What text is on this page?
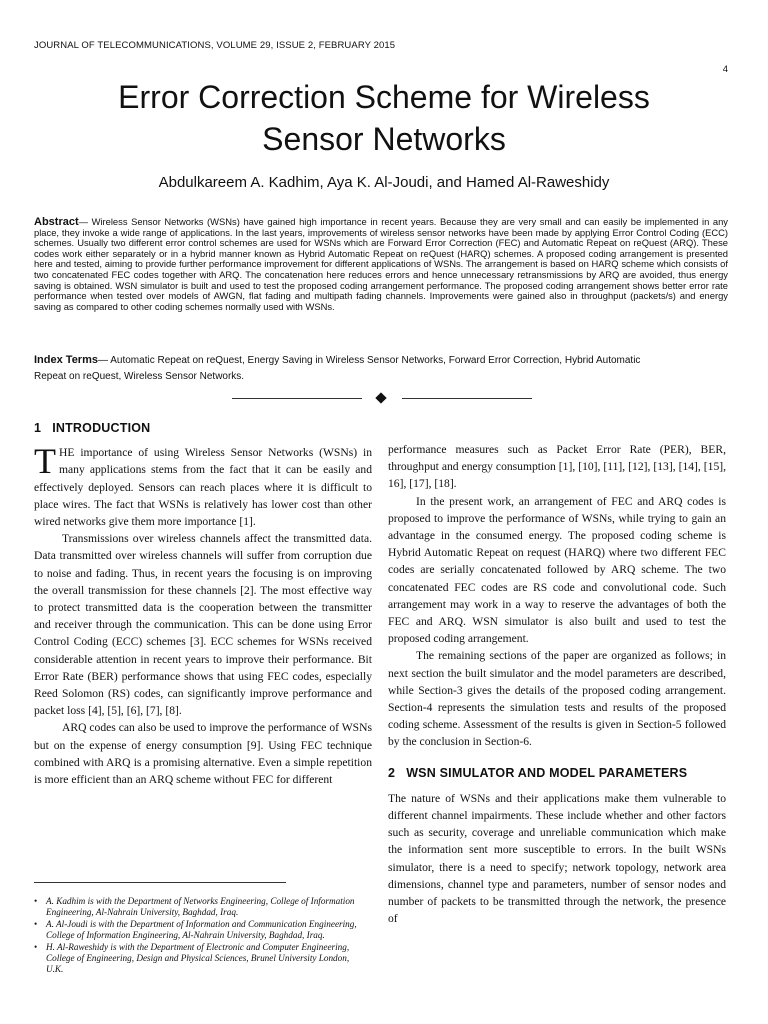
JOURNAL OF TELECOMMUNICATIONS, VOLUME 29, ISSUE 2, FEBRUARY 2015
4
Error Correction Scheme for Wireless
Sensor Networks
Abdulkareem A. Kadhim, Aya K. Al-Joudi, and Hamed Al-Raweshidy
Abstract— Wireless Sensor Networks (WSNs) have gained high importance in recent years. Because they are very small and can easily be implemented in any place, they invoke a wide range of applications. In the last years, improvements of wireless sensor networks have been made by applying Error Control Coding (ECC) schemes. Usually two different error control schemes are used for WSNs which are Forward Error Correction (FEC) and Automatic Repeat on reQuest (ARQ). These codes work either separately or in a hybrid manner known as Hybrid Automatic Repeat on reQuest (HARQ) schemes. A proposed coding arrangement is presented here and tested, aiming to provide further performance improvement for different applications of WSNs. The arrangement is based on HARQ scheme which consists of two concatenated FEC codes together with ARQ. The concatenation here reduces errors and hence unnecessary retransmissions by ARQ are avoided, thus energy saving is obtained. WSN simulator is built and used to test the proposed coding arrangement performance. The proposed coding arrangement shows better error rate performance when tested over models of AWGN, flat fading and multipath fading channels. Improvements were gained also in throughput (packets/s) and energy saving as compared to other coding schemes normally used with WSNs.
Index Terms— Automatic Repeat on reQuest, Energy Saving in Wireless Sensor Networks, Forward Error Correction, Hybrid Automatic Repeat on reQuest, Wireless Sensor Networks.
1 INTRODUCTION

THE importance of using Wireless Sensor Networks (WSNs) in many applications stems from the fact that it can be easily and effectively deployed. Sensors can reach places where it is difficult to place wires. The fact that WSNs is relatively has lower cost than other wired networks give them more importance [1].

Transmissions over wireless channels affect the transmitted data. Data transmitted over wireless channels will suffer from corruption due to noise and fading. Thus, in recent years the focusing is on improving the overall transmission for these channels [2]. The most effective way to protect transmitted data is the cooperation between the transmitter and receiver through the communication. This can be done using Error Control Coding (ECC) schemes [3]. ECC schemes for WSNs received considerable attention in recent years to improve their performance. Bit Error Rate (BER) performance shows that using FEC codes, especially Reed Solomon (RS) codes, can significantly improve performance and packet loss [4], [5], [6], [7], [8].

ARQ codes can also be used to improve the performance of WSNs but on the expense of energy consumption [9]. Using FEC technique combined with ARQ is a promising alternative. Even a simple repetition is more efficient than an ARQ scheme without FEC for different

• A. Kadhim is with the Department of Networks Engineering, College of Information Engineering, Al-Nahrain University, Baghdad, Iraq.
• A. Al-Joudi is with the Department of Information and Communication Engineering, College of Information Engineering, Al-Nahrain University, Baghdad, Iraq.
• H. Al-Raweshidy is with the Department of Electronic and Computer Engineering, College of Engineering, Design and Physical Sciences, Brunel University London, U.K.

performance measures such as Packet Error Rate (PER), BER, throughput and energy consumption [1], [10], [11], [12], [13], [14], [15], 16], [17], [18].

In the present work, an arrangement of FEC and ARQ codes is proposed to improve the performance of WSNs, while trying to gain an advantage in the consumed energy. The proposed coding scheme is Hybrid Automatic Repeat on request (HARQ) where two different FEC codes are serially concatenated followed by ARQ scheme. The two concatenated FEC codes are RS code and convolutional code. Such arrangement may work in a way to reserve the advantages of both the FEC and ARQ. WSN simulator is also built and used to test the proposed coding arrangement.

The remaining sections of the paper are organized as follows; in next section the built simulator and the model parameters are described, while Section-3 gives the details of the proposed coding arrangement. Section-4 represents the simulation tests and results of the proposed coding scheme. Assessment of the results is given in Section-5 followed by the conclusion in Section-6.

2 WSN SIMULATOR AND MODEL PARAMETERS

The nature of WSNs and their applications make them vulnerable to different channel impairments. These include whether and other factors such as security, coverage and unreliable communication which make the information sent more susceptible to errors. In the built WSNs simulator, there is a need to specify; network topology, network area dimensions, channel type and parameters, number of sensor nodes and number of packets to be transmitted through the network, the presence of
